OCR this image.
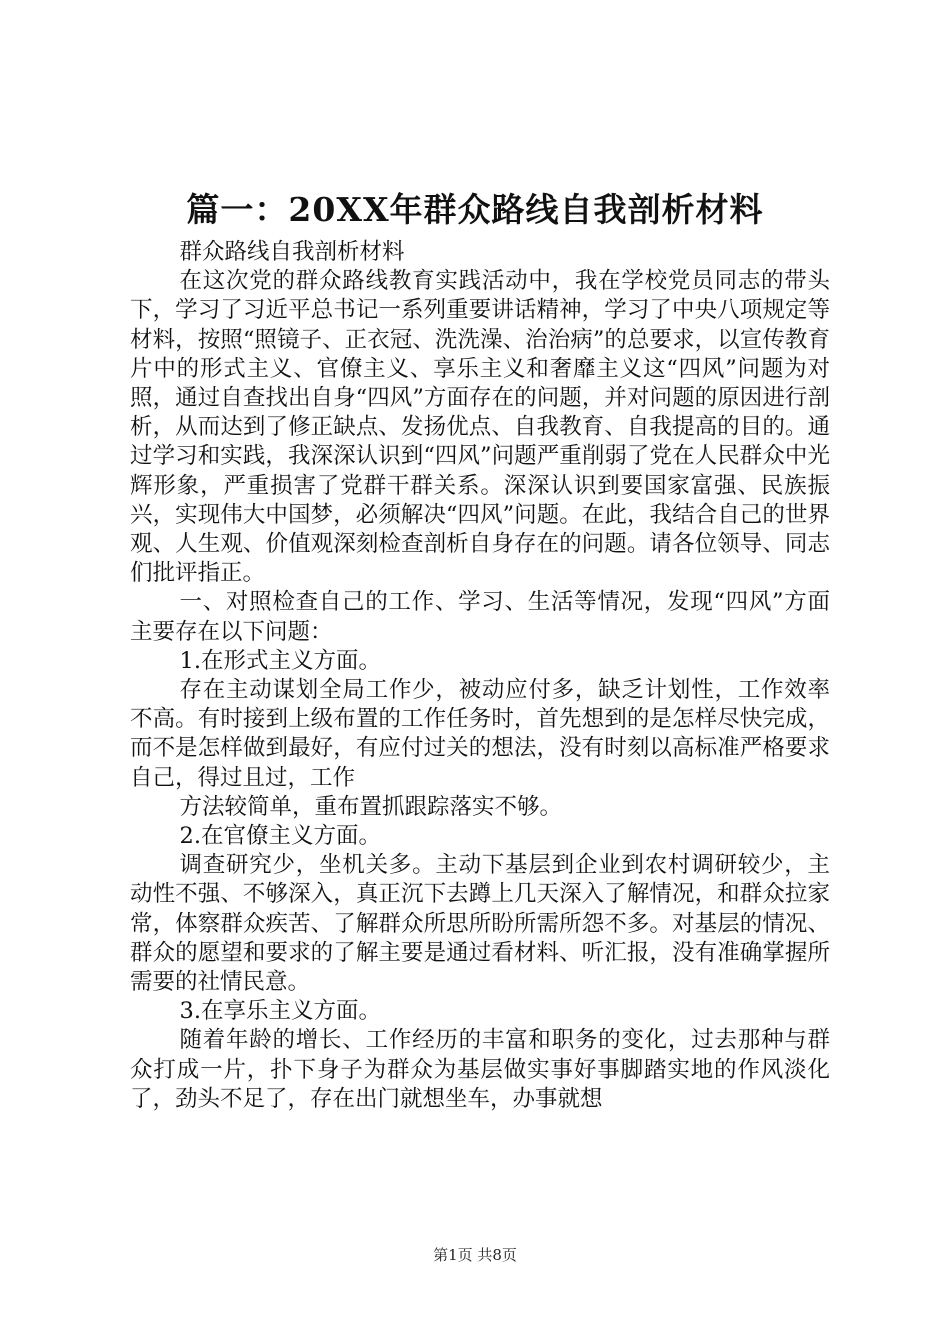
篇一：20XX年群众路线自我剖析材料

群众路线自我剖析材料

在这次党的群众路线教育实践活动中，我在学校党员同志的带头下，学习了习近平总书记一系列重要讲话精神，学习了中央八项规定等材料，按照“照镜子、正衣冠、洗洗澡、治治病”的总要求，以宣传教育片中的形式主义、官僚主义、享乐主义和奢靡主义这“四风”问题为对照，通过自查找出自身“四风”方面存在的问题，并对问题的原因进行剖析，从而达到了修正缺点、发扬优点、自我教育、自我提高的目的。通过学习和实践，我深深认识到“四风”问题严重削弱了党在人民群众中光辉形象，严重损害了党群干群关系。深深认识到要国家富强、民族振兴，实现伟大中国梦，必须解决“四风”问题。在此，我结合自己的世界观、人生观、价值观深刻检查剖析自身存在的问题。请各位领导、同志们批评指正。

一、对照检查自己的工作、学习、生活等情况，发现“四风”方面主要存在以下问题：

1.在形式主义方面。

存在主动谋划全局工作少，被动应付多，缺乏计划性，工作效率不高。有时接到上级布置的工作任务时，首先想到的是怎样尽快完成，而不是怎样做到最好，有应付过关的想法，没有时刻以高标准严格要求自己，得过且过，工作

方法较简单，重布置抓跟踪落实不够。

2.在官僚主义方面。

调查研究少，坐机关多。主动下基层到企业到农村调研较少，主动性不强、不够深入，真正沉下去蹲上几天深入了解情况，和群众拉家常，体察群众疾苦、了解群众所思所盼所需所怨不多。对基层的情况、群众的愿望和要求的了解主要是通过看材料、听汇报，没有准确掌握所需要的社情民意。

3.在享乐主义方面。

随着年龄的增长、工作经历的丰富和职务的变化，过去那种与群众打成一片，扑下身子为群众为基层做实事好事脚踏实地的作风淡化了，劲头不足了，存在出门就想坐车，办事就想

第1页 共8页
